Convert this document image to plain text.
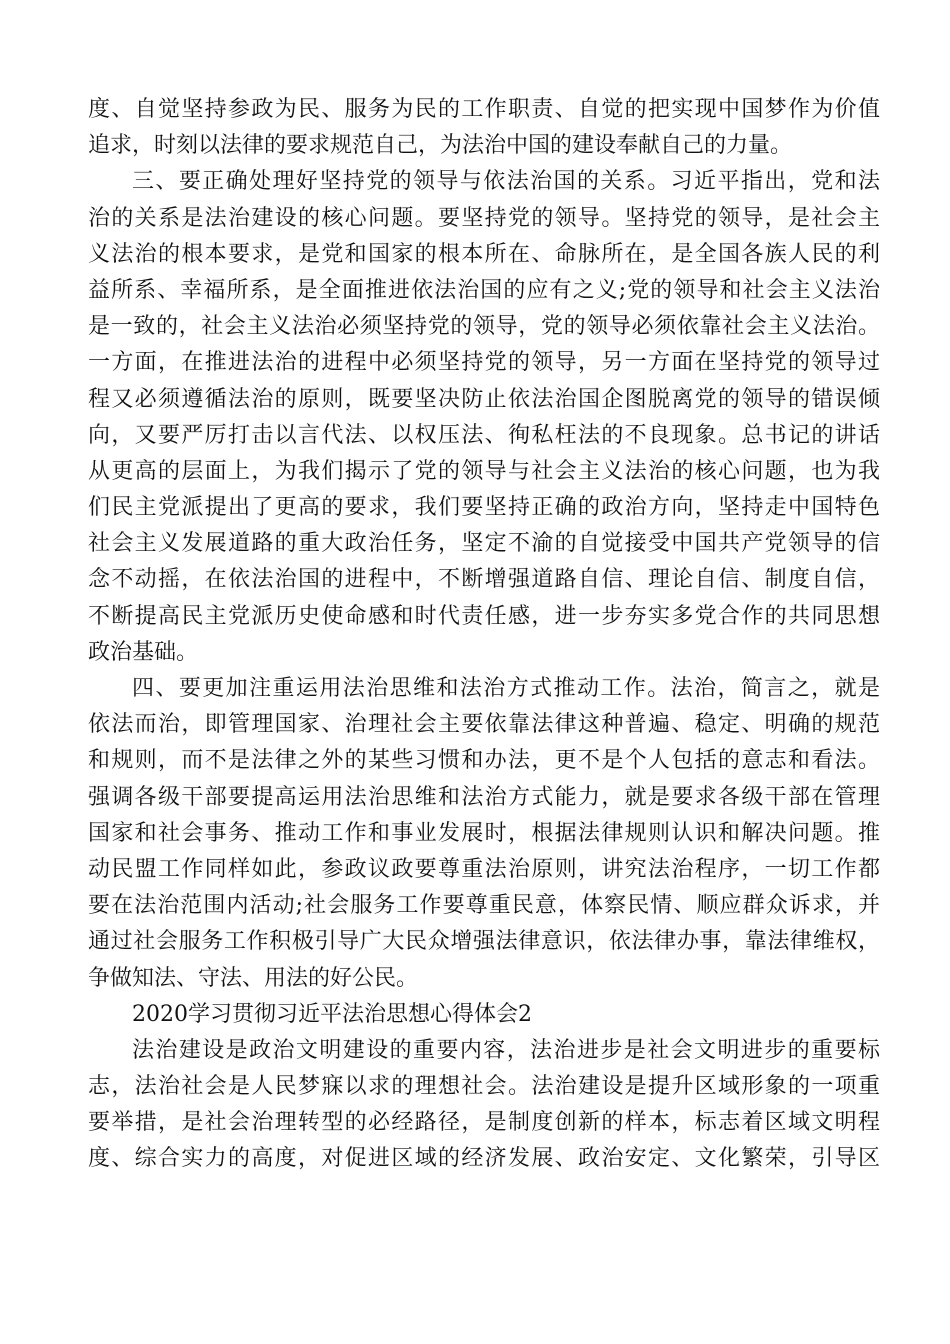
度、自觉坚持参政为民、服务为民的工作职责、自觉的把实现中国梦作为价值
追求，时刻以法律的要求规范自己，为法治中国的建设奉献自己的力量。
三、要正确处理好坚持党的领导与依法治国的关系。习近平指出，党和法
治的关系是法治建设的核心问题。要坚持党的领导。坚持党的领导，是社会主
义法治的根本要求，是党和国家的根本所在、命脉所在，是全国各族人民的利
益所系、幸福所系，是全面推进依法治国的应有之义;党的领导和社会主义法治
是一致的，社会主义法治必须坚持党的领导，党的领导必须依靠社会主义法治。
一方面，在推进法治的进程中必须坚持党的领导，另一方面在坚持党的领导过
程又必须遵循法治的原则，既要坚决防止依法治国企图脱离党的领导的错误倾
向，又要严厉打击以言代法、以权压法、徇私枉法的不良现象。总书记的讲话
从更高的层面上，为我们揭示了党的领导与社会主义法治的核心问题，也为我
们民主党派提出了更高的要求，我们要坚持正确的政治方向，坚持走中国特色
社会主义发展道路的重大政治任务，坚定不渝的自觉接受中国共产党领导的信
念不动摇，在依法治国的进程中，不断增强道路自信、理论自信、制度自信，
不断提高民主党派历史使命感和时代责任感，进一步夯实多党合作的共同思想
政治基础。
四、要更加注重运用法治思维和法治方式推动工作。法治，简言之，就是
依法而治，即管理国家、治理社会主要依靠法律这种普遍、稳定、明确的规范
和规则，而不是法律之外的某些习惯和办法，更不是个人包括的意志和看法。
强调各级干部要提高运用法治思维和法治方式能力，就是要求各级干部在管理
国家和社会事务、推动工作和事业发展时，根据法律规则认识和解决问题。推
动民盟工作同样如此，参政议政要尊重法治原则，讲究法治程序，一切工作都
要在法治范围内活动;社会服务工作要尊重民意，体察民情、顺应群众诉求，并
通过社会服务工作积极引导广大民众增强法律意识，依法律办事，靠法律维权，
争做知法、守法、用法的好公民。
2020学习贯彻习近平法治思想心得体会2
法治建设是政治文明建设的重要内容，法治进步是社会文明进步的重要标
志，法治社会是人民梦寐以求的理想社会。法治建设是提升区域形象的一项重
要举措，是社会治理转型的必经路径，是制度创新的样本，标志着区域文明程
度、综合实力的高度，对促进区域的经济发展、政治安定、文化繁荣，引导区
